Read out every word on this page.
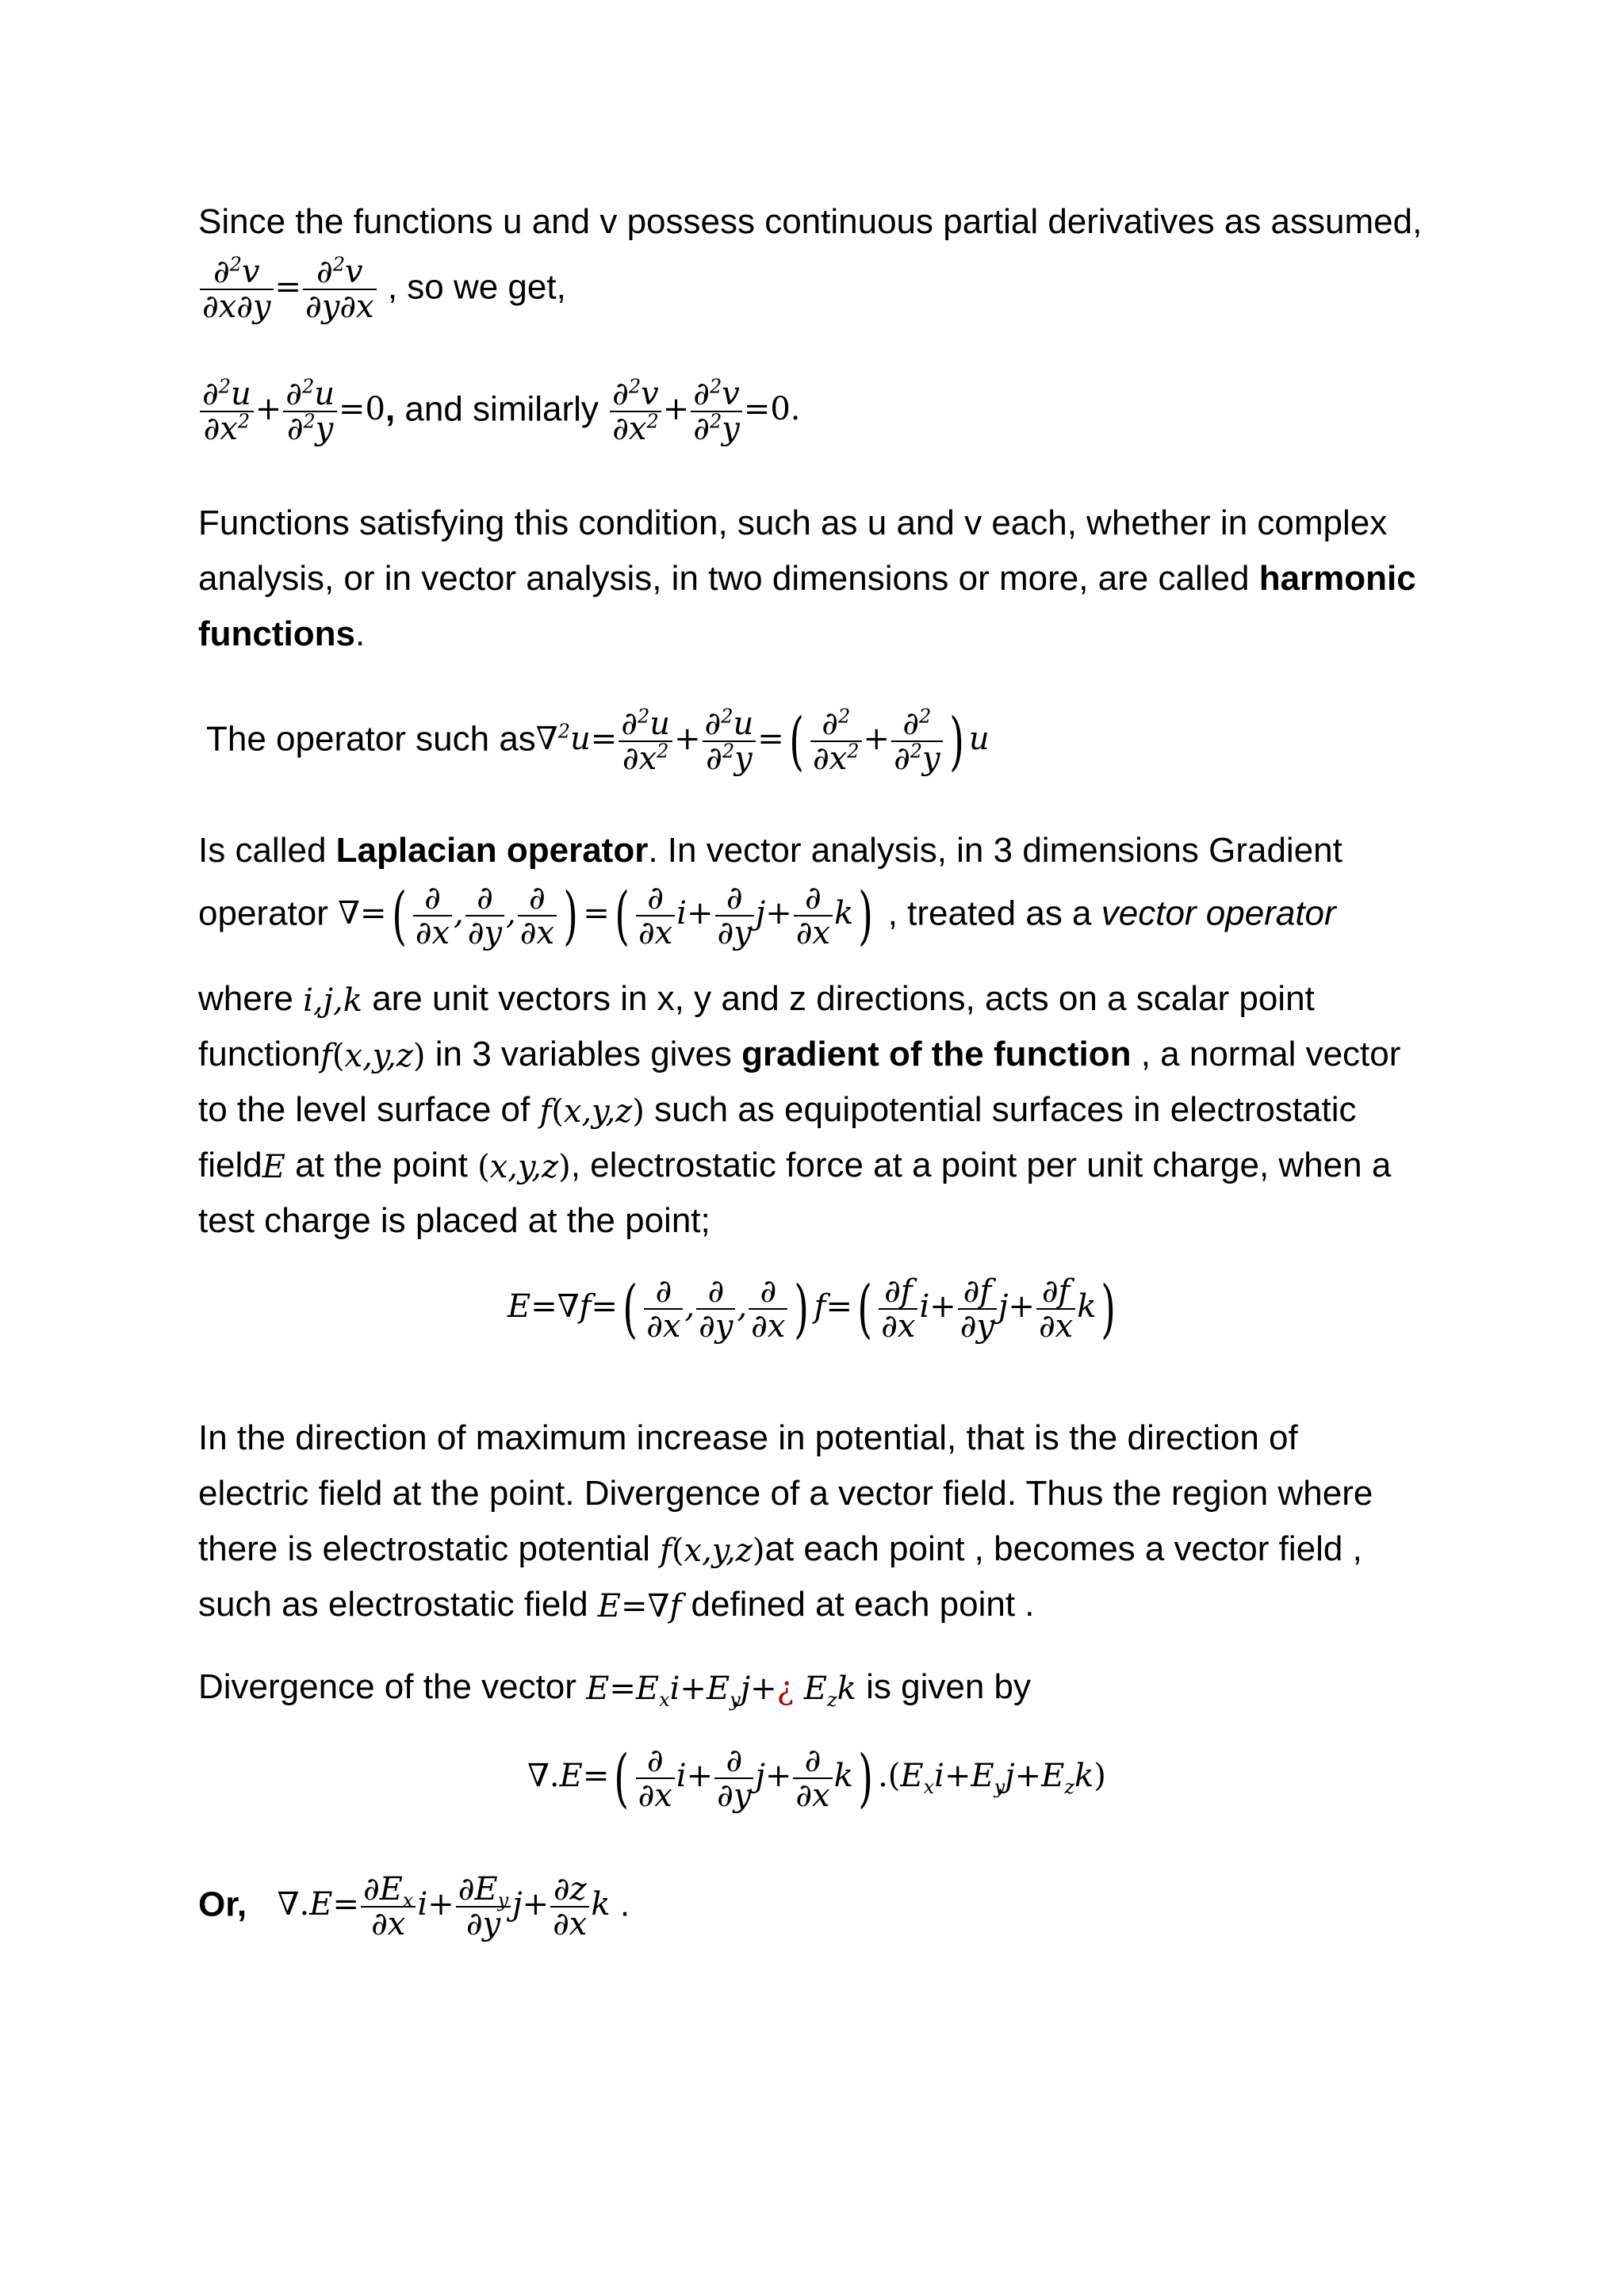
Since the functions u and v possess continuous partial derivatives as assumed,
$\frac{\partial^2v}{\partial x\partial y} = \frac{\partial^2v}{\partial y\partial x}$ , so we get,
$\frac{\partial^2u}{\partial x^2} + \frac{\partial^2u}{\partial^2y} =0$, and similarly $\frac{\partial^2v}{\partial x^2} + \frac{\partial^2v}{\partial^2y} =0$.
Functions satisfying this condition, such as u and v each, whether in complex
analysis, or in vector analysis, in two dimensions or more, are called harmonic
functions.
The operator such $as\nabla^2u= \frac{\partial^2u}{\partial x^2} + \frac{\partial^2u}{\partial^2y}$ =( $\frac{\partial^2}{\partial x^2} + \frac{\partial^2}{\partial^2y}$ ) u
Is called Laplacian operator. In vector analysis, in 3 dimensions Gradient
operator ∇=( $\frac{\partial}{\partial x}$ , $\frac{\partial}{\partial y}$ , $\frac{\partial}{\partial x}$ ) =( $\frac{\partial}{\partial x} i+ \frac{\partial}{\partial y} j+ \frac{\partial}{\partial x} k$) , treated as a vector operator
where i,j,k are unit vectors in x, y and z directions, acts on a scalar point
functionf(x,y,z) in 3 variables gives gradient of the function , a normal vector
to the level surface of f(x,y,z) such as equipotential surfaces in electrostatic
fieldE at the point (x,y,z), electrostatic force at a point per unit charge, when a
test charge is placed at the point;
$E=\nabla f=( \frac{\partial}{\partial x}$ , $\frac{\partial}{\partial y}$ , $\frac{\partial}{\partial x}$ ) $f=( \frac{\partial f}{\partial x} i+ \frac{\partial f}{\partial y} j+ \frac{\partial f}{\partial x} k)$
In the direction of maximum increase in potential, that is the direction of
electric field at the point. Divergence of a vector field. Thus the region where
there is electrostatic potential f(x,y,z)at each point , becomes a vector field ,
such as electrostatic field E=∇f defined at each point .
Divergence of the vector $E=E_xi+E_yj+¿$ $E_zk$ is given by
$\nabla.E=( \frac{\partial}{\partial x} i+ \frac{\partial}{\partial y} j+ \frac{\partial}{\partial x} k)$ $.(E_xi+E_yj+E_zk)$
Or, $\nabla.E= \frac{\partial E_x}{\partial x} i+ \frac{\partial E_y}{\partial y} j+ \frac{\partial z}{\partial x}$ k .
